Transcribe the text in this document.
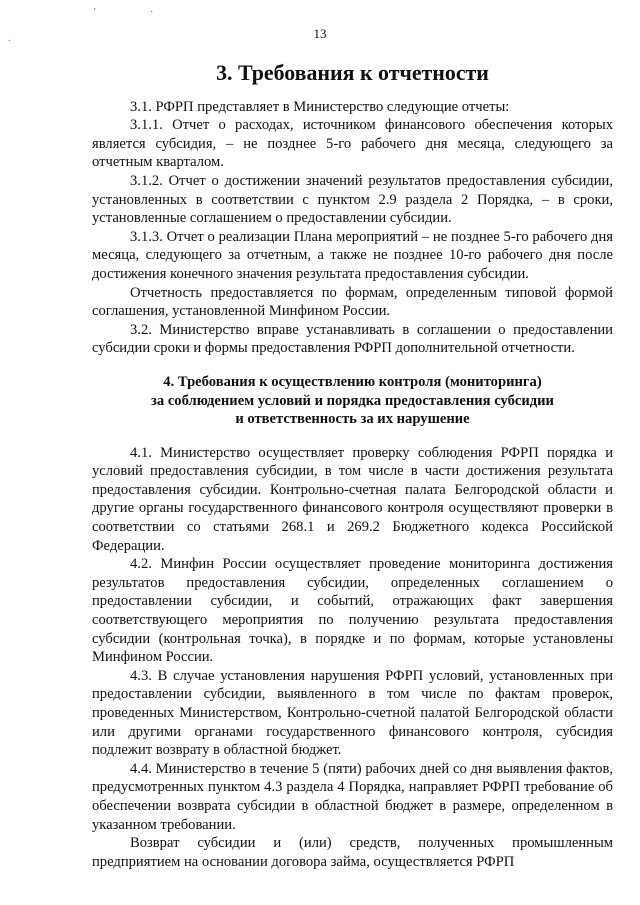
’	·
.	13
3. Требования к отчетности

3.1. РФРП представляет в Министерство следующие отчеты:

3.1.1. Отчет о расходах, источником финансового обеспечения которых является субсидия, – не позднее 5-го рабочего дня месяца, следующего за отчетным кварталом.

3.1.2. Отчет о достижении значений результатов предоставления субсидии, установленных в соответствии с пунктом 2.9 раздела 2 Порядка, – в сроки, установленные соглашением о предоставлении субсидии.

3.1.3. Отчет о реализации Плана мероприятий – не позднее 5-го рабочего дня месяца, следующего за отчетным, а также не позднее 10-го рабочего дня после достижения конечного значения результата предоставления субсидии.

Отчетность предоставляется по формам, определенным типовой формой соглашения, установленной Минфином России.

3.2. Министерство вправе устанавливать в соглашении о предоставлении субсидии сроки и формы предоставления РФРП дополнительной отчетности.

4. Требования к осуществлению контроля (мониторинга)
за соблюдением условий и порядка предоставления субсидии
и ответственность за их нарушение

4.1. Министерство осуществляет проверку соблюдения РФРП порядка и условий предоставления субсидии, в том числе в части достижения результата предоставления субсидии. Контрольно-счетная палата Белгородской области и другие органы государственного финансового контроля осуществляют проверки в соответствии со статьями 268.1 и 269.2 Бюджетного кодекса Российской Федерации.

4.2. Минфин России осуществляет проведение мониторинга достижения результатов предоставления субсидии, определенных соглашением о предоставлении субсидии, и событий, отражающих факт завершения соответствующего мероприятия по получению результата предоставления субсидии (контрольная точка), в порядке и по формам, которые установлены Минфином России.

4.3. В случае установления нарушения РФРП условий, установленных при предоставлении субсидии, выявленного в том числе по фактам проверок, проведенных Министерством, Контрольно-счетной палатой Белгородской области или другими органами государственного финансового контроля, субсидия подлежит возврату в областной бюджет.

4.4. Министерство в течение 5 (пяти) рабочих дней со дня выявления фактов, предусмотренных пунктом 4.3 раздела 4 Порядка, направляет РФРП требование об обеспечении возврата субсидии в областной бюджет в размере, определенном в указанном требовании.

Возврат субсидии и (или) средств, полученных промышленным предприятием на основании договора займа, осуществляется РФРП
